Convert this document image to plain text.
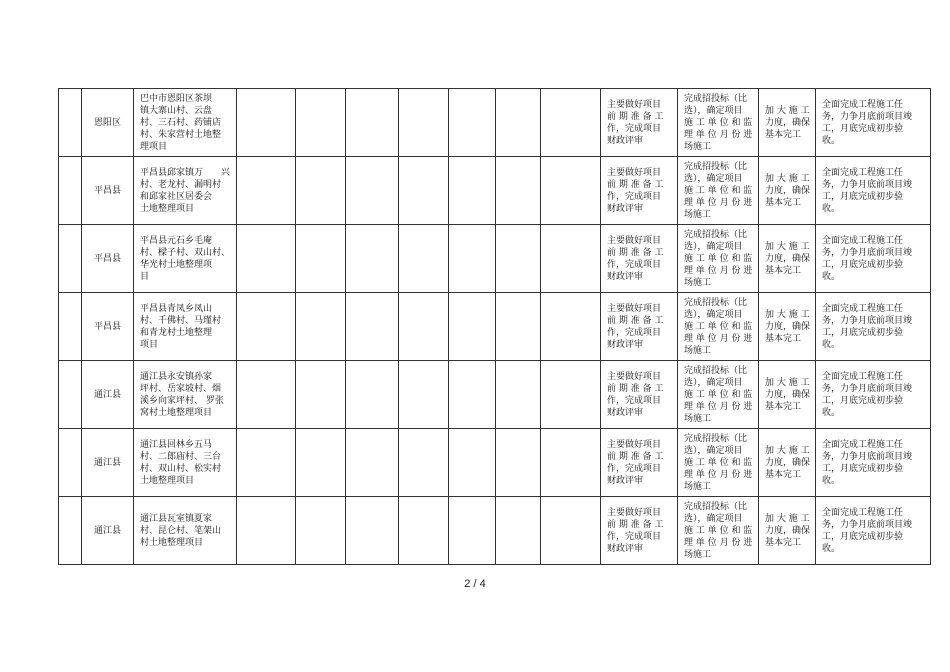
	恩阳区	巴中市恩阳区茶坝
镇大寨山村、云盘
村、三石村、药铺店
村、朱家营村土地整
理项目								主要做好项目
前 期 准 备 工
作，完成项目
财政评审	完成招投标（比
选），确定项目
施 工 单 位 和 监
理 单 位 月 份 进
场施工	加 大 施 工
力度，确保
基本完工	全面完成工程施工任
务，力争月底前项目竣
工，月底完成初步验
收。
	平昌县	平昌县邱家镇万　　兴
村、老龙村、漏明村
和邱家社区居委会
土地整理项目								主要做好项目
前 期 准 备 工
作，完成项目
财政评审	完成招投标（比
选），确定项目
施 工 单 位 和 监
理 单 位 月 份 进
场施工	加 大 施 工
力度，确保
基本完工	全面完成工程施工任
务，力争月底前项目竣
工，月底完成初步验
收。
	平昌县	平昌县元石乡毛庵
村、樑子村、双山村、
华光村土地整理项
目								主要做好项目
前 期 准 备 工
作，完成项目
财政评审	完成招投标（比
选），确定项目
施 工 单 位 和 监
理 单 位 月 份 进
场施工	加 大 施 工
力度，确保
基本完工	全面完成工程施工任
务，力争月底前项目竣
工，月底完成初步验
收。
	平昌县	平昌县青凤乡凤山
村、千佛村、马瑾村
和青龙村土地整理
项目								主要做好项目
前 期 准 备 工
作，完成项目
财政评审	完成招投标（比
选），确定项目
施 工 单 位 和 监
理 单 位 月 份 进
场施工	加 大 施 工
力度，确保
基本完工	全面完成工程施工任
务，力争月底前项目竣
工，月底完成初步验
收。
	通江县	通江县永安镇孙家
坪村、岳家坡村、烟
溪乡向家坪村、 罗张
窝村土地整理项目								主要做好项目
前 期 准 备 工
作，完成项目
财政评审	完成招投标（比
选），确定项目
施 工 单 位 和 监
理 单 位 月 份 进
场施工	加 大 施 工
力度，确保
基本完工	全面完成工程施工任
务，力争月底前项目竣
工，月底完成初步验
收。
	通江县	通江县回林乡五马
村、二郎庙村、三台
村、双山村、松实村
土地整理项目								主要做好项目
前 期 准 备 工
作，完成项目
财政评审	完成招投标（比
选），确定项目
施 工 单 位 和 监
理 单 位 月 份 进
场施工	加 大 施 工
力度，确保
基本完工	全面完成工程施工任
务，力争月底前项目竣
工，月底完成初步验
收。
	通江县	通江县瓦室镇夏家
村、昆仑村、笔架山
村土地整理项目								主要做好项目
前 期 准 备 工
作，完成项目
财政评审	完成招投标（比
选），确定项目
施 工 单 位 和 监
理 单 位 月 份 进
场施工	加 大 施 工
力度，确保
基本完工	全面完成工程施工任
务，力争月底前项目竣
工，月底完成初步验
收。
2 / 4
